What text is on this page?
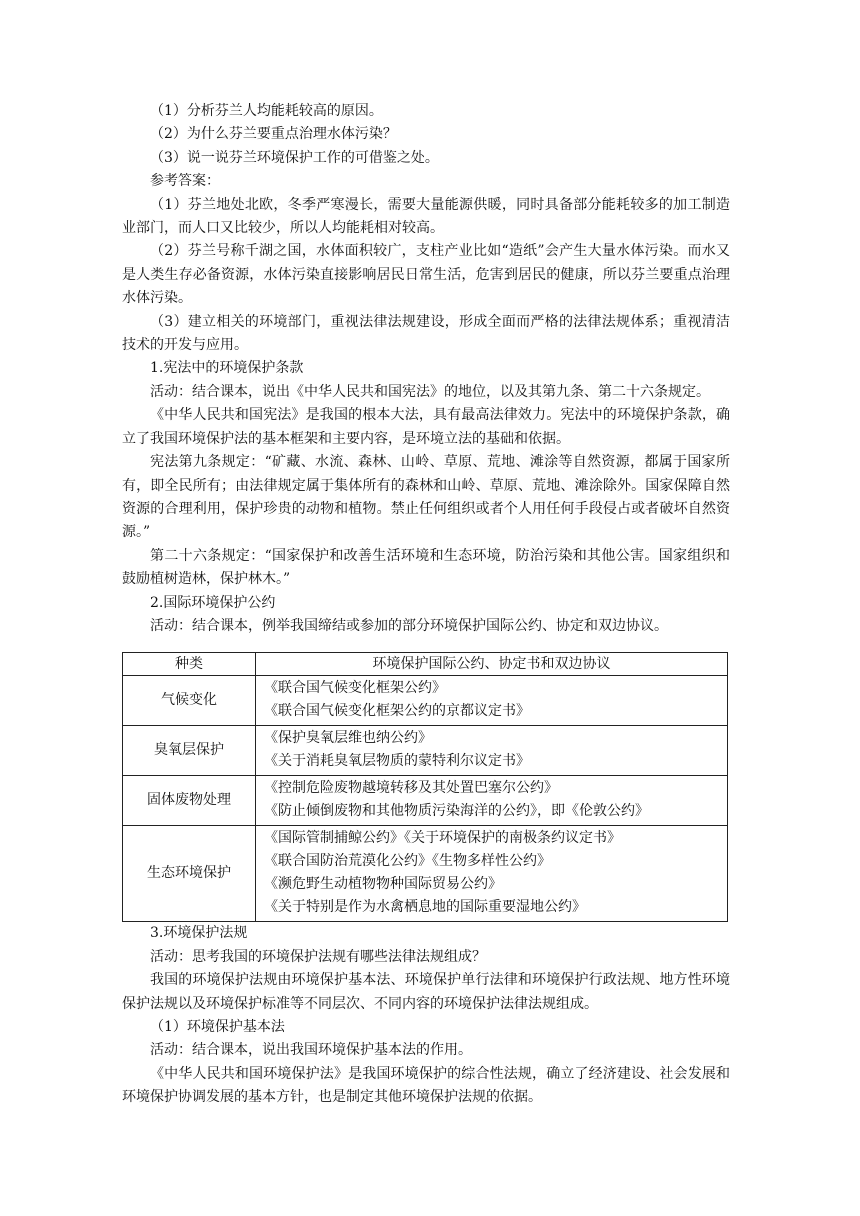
（1）分析芬兰人均能耗较高的原因。

（2）为什么芬兰要重点治理水体污染？

（3）说一说芬兰环境保护工作的可借鉴之处。

参考答案：

（1）芬兰地处北欧，冬季严寒漫长，需要大量能源供暖，同时具备部分能耗较多的加工制造业部门，而人口又比较少，所以人均能耗相对较高。

（2）芬兰号称千湖之国，水体面积较广，支柱产业比如“造纸”会产生大量水体污染。而水又是人类生存必备资源，水体污染直接影响居民日常生活，危害到居民的健康，所以芬兰要重点治理水体污染。

（3）建立相关的环境部门，重视法律法规建设，形成全面而严格的法律法规体系；重视清洁技术的开发与应用。

1.宪法中的环境保护条款

活动：结合课本，说出《中华人民共和国宪法》的地位，以及其第九条、第二十六条规定。

《中华人民共和国宪法》是我国的根本大法，具有最高法律效力。宪法中的环境保护条款，确立了我国环境保护法的基本框架和主要内容，是环境立法的基础和依据。

宪法第九条规定：“矿藏、水流、森林、山岭、草原、荒地、滩涂等自然资源，都属于国家所有，即全民所有；由法律规定属于集体所有的森林和山岭、草原、荒地、滩涂除外。国家保障自然资源的合理利用，保护珍贵的动物和植物。禁止任何组织或者个人用任何手段侵占或者破坏自然资源。”

第二十六条规定：“国家保护和改善生活环境和生态环境，防治污染和其他公害。国家组织和鼓励植树造林，保护林木。”

2.国际环境保护公约

活动：结合课本，例举我国缔结或参加的部分环境保护国际公约、协定和双边协议。

种类	环境保护国际公约、协定书和双边协议
气候变化	《联合国气候变化框架公约》
《联合国气候变化框架公约的京都议定书》

臭氧层保护	《保护臭氧层维也纳公约》
《关于消耗臭氧层物质的蒙特利尔议定书》

固体废物处理	《控制危险废物越境转移及其处置巴塞尔公约》
《防止倾倒废物和其他物质污染海洋的公约》，即《伦敦公约》

生态环境保护	《国际管制捕鲸公约》《关于环境保护的南极条约议定书》
《联合国防治荒漠化公约》《生物多样性公约》
《濒危野生动植物物种国际贸易公约》
《关于特别是作为水禽栖息地的国际重要湿地公约》

3.环境保护法规

活动：思考我国的环境保护法规有哪些法律法规组成？

我国的环境保护法规由环境保护基本法、环境保护单行法律和环境保护行政法规、地方性环境保护法规以及环境保护标准等不同层次、不同内容的环境保护法律法规组成。

（1）环境保护基本法

活动：结合课本，说出我国环境保护基本法的作用。

《中华人民共和国环境保护法》是我国环境保护的综合性法规，确立了经济建设、社会发展和环境保护协调发展的基本方针，也是制定其他环境保护法规的依据。
